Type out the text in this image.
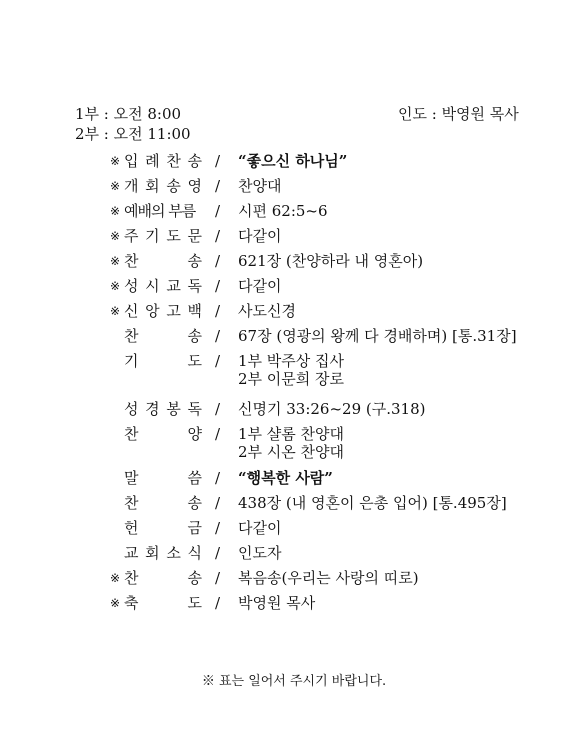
1부 : 오전 8:00
2부 : 오전 11:00
인도 : 박영원 목사
※ 입 례 찬 송 / “좋으신 하나님”
※ 개 회 송 영 / 찬양대
※ 예배의 부름 / 시편 62:5~6
※ 주 기 도 문 / 다같이
※ 찬	송 / 621장 (찬양하라 내 영혼아)
※ 성 시 교 독 / 다같이
※ 신 앙 고 백 / 사도신경
찬	송 / 67장 (영광의 왕께 다 경배하며) [통.31장]
기	도 / 1부 박주상 집사
2부 이문희 장로
성 경 봉 독 / 신명기 33:26~29 (구.318)
찬	양 / 1부 샬롬 찬양대
2부 시온 찬양대
말	씀 / “행복한 사람”
찬	송 / 438장 (내 영혼이 은총 입어) [통.495장]
헌	금 / 다같이
교 회 소 식 / 인도자
※ 찬	송 / 복음송(우리는 사랑의 띠로)
※ 축	도 / 박영원 목사
※ 표는 일어서 주시기 바랍니다.
